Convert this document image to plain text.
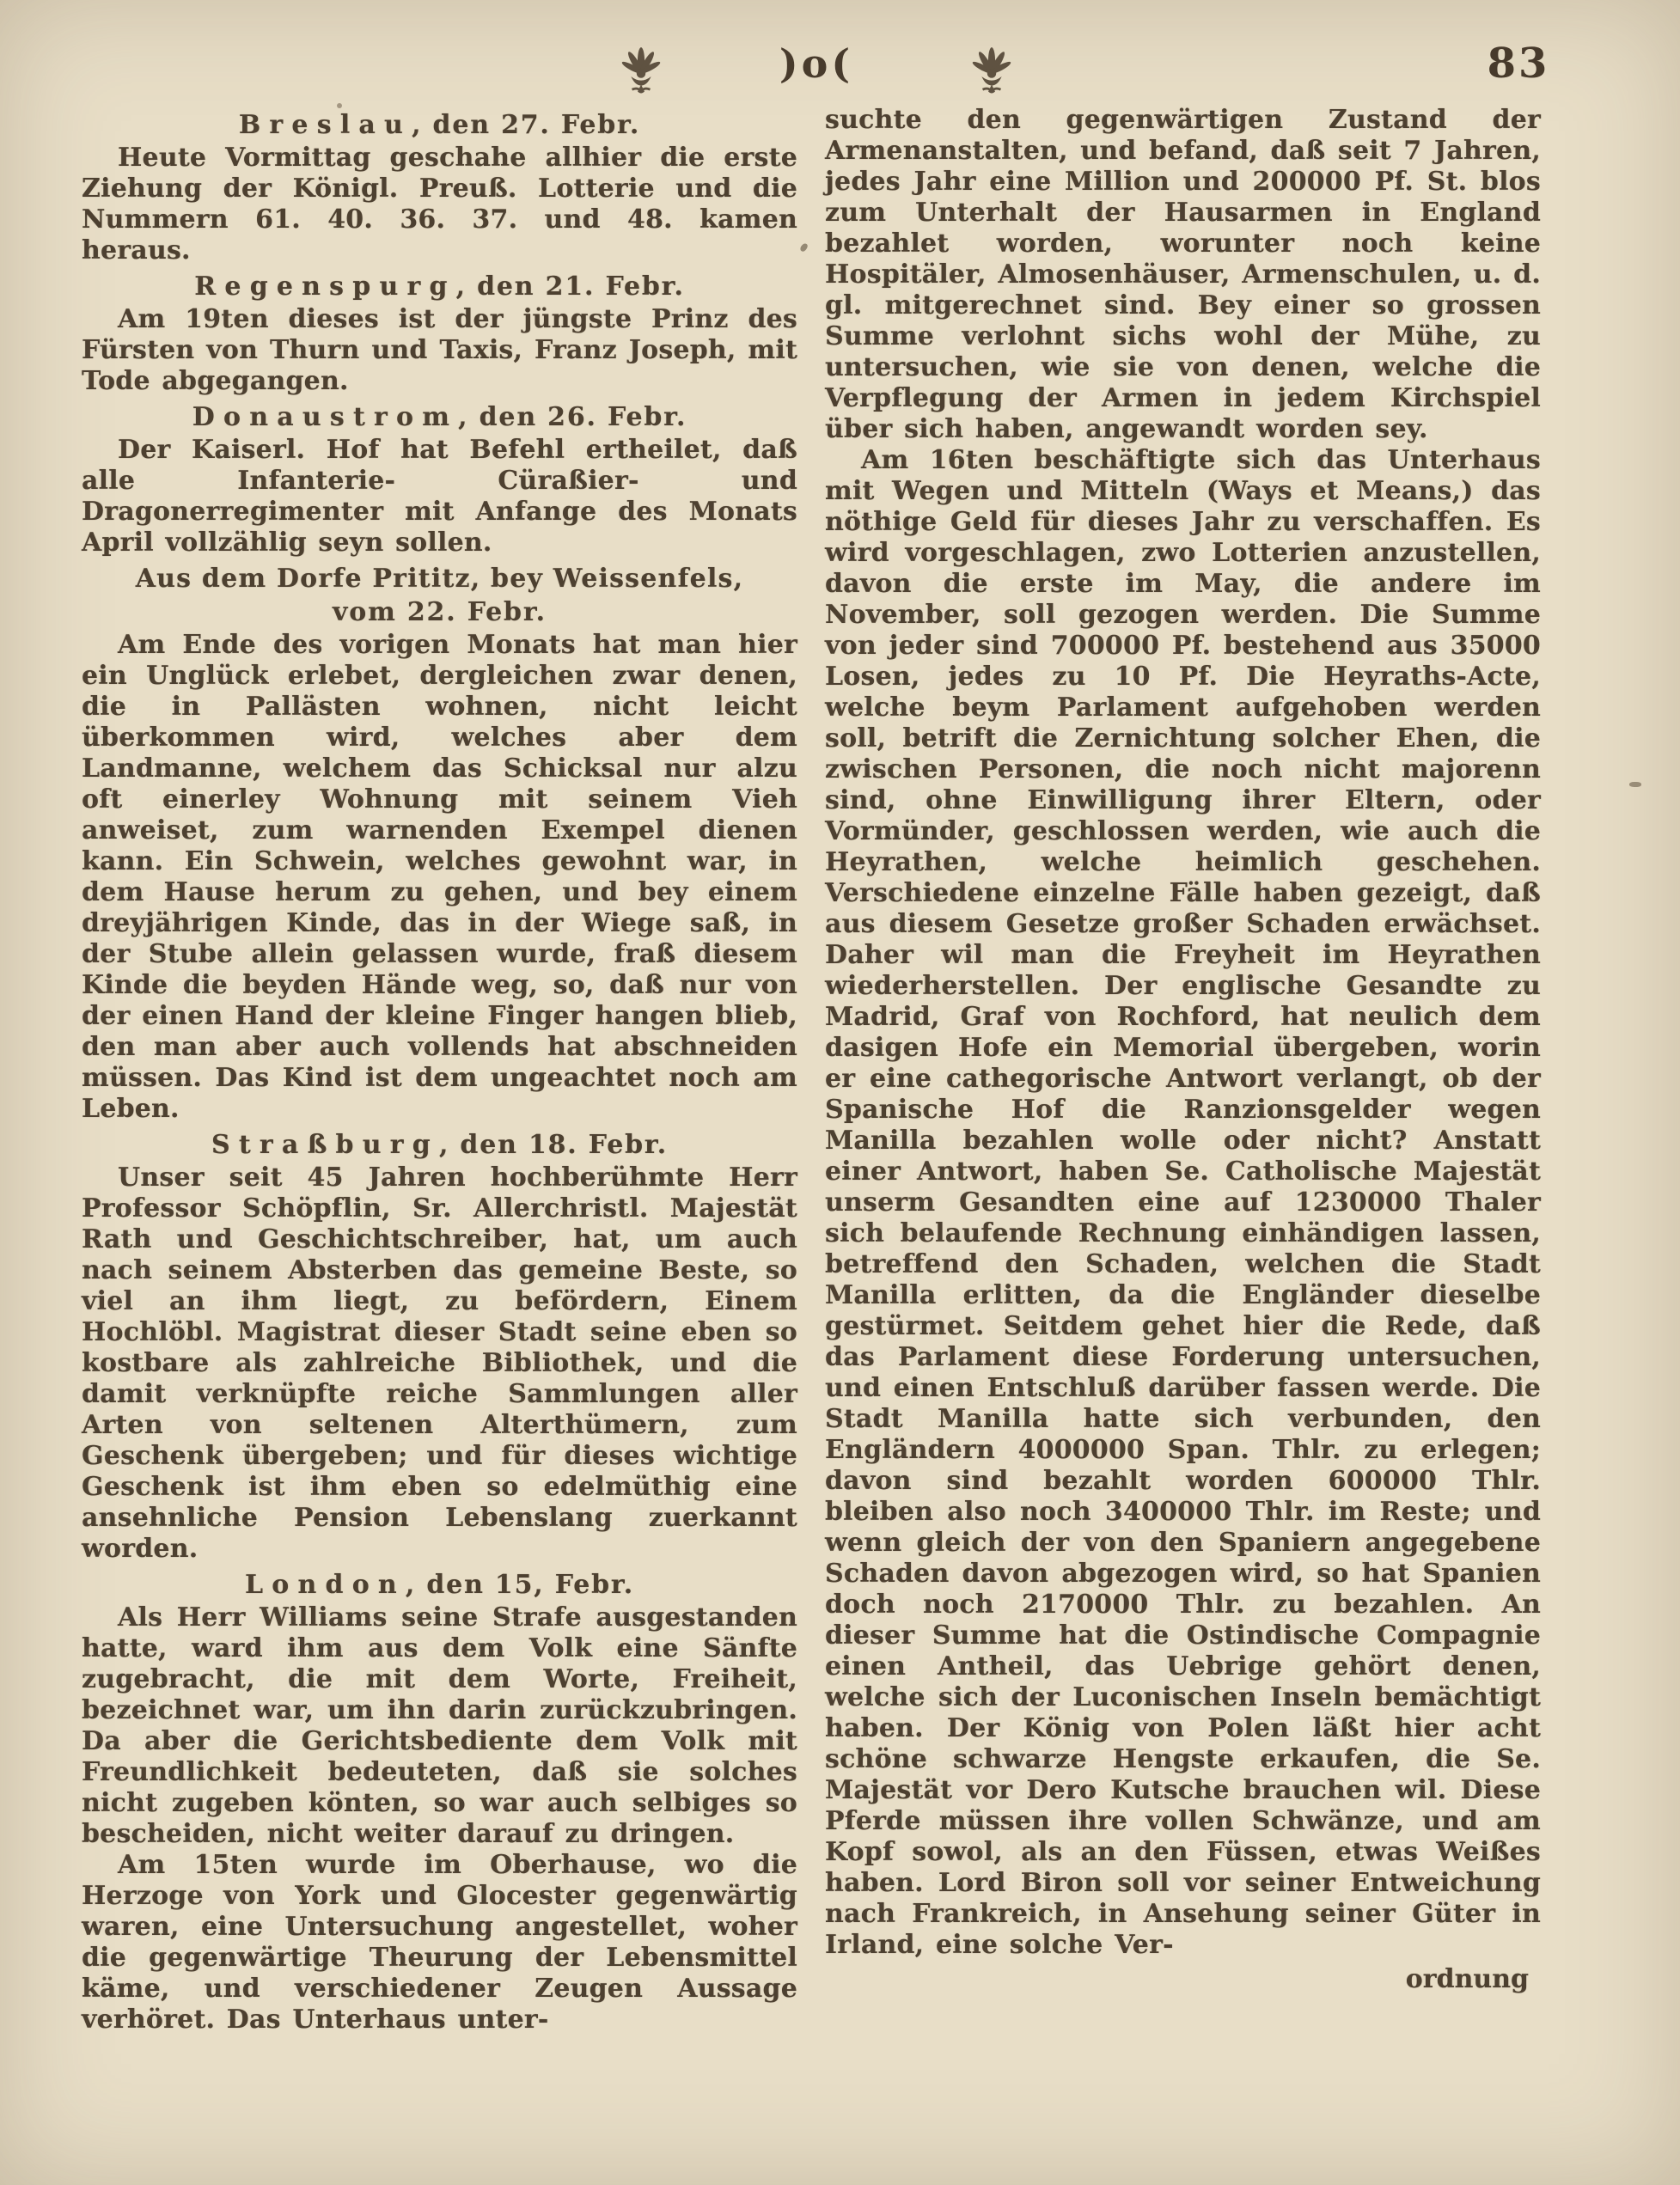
)o(	83
Breslau, den 27. Febr.

Heute Vormittag geschahe allhier die erste Ziehung der Königl. Preuß. Lotterie und die Nummern 61. 40. 36. 37. und 48. kamen heraus.

Regenspurg, den 21. Febr.

Am 19ten dieses ist der jüngste Prinz des Fürsten von Thurn und Taxis, Franz Joseph, mit Tode abgegangen.

Donaustrom, den 26. Febr.

Der Kaiserl. Hof hat Befehl ertheilet, daß alle Infanterie- Cüraßier- und Dragonerregimenter mit Anfange des Monats April vollzählig seyn sollen.

Aus dem Dorfe Prititz, bey Weissenfels,
vom 22. Febr.

Am Ende des vorigen Monats hat man hier ein Unglück erlebet, dergleichen zwar denen, die in Pallästen wohnen, nicht leicht überkommen wird, welches aber dem Landmanne, welchem das Schicksal nur alzu oft einerley Wohnung mit seinem Vieh anweiset, zum warnenden Exempel dienen kann. Ein Schwein, welches gewohnt war, in dem Hause herum zu gehen, und bey einem dreyjährigen Kinde, das in der Wiege saß, in der Stube allein gelassen wurde, fraß diesem Kinde die beyden Hände weg, so, daß nur von der einen Hand der kleine Finger hangen blieb, den man aber auch vollends hat abschneiden müssen. Das Kind ist dem ungeachtet noch am Leben.

Straßburg, den 18. Febr.

Unser seit 45 Jahren hochberühmte Herr Professor Schöpflin, Sr. Allerchristl. Majestät Rath und Geschichtschreiber, hat, um auch nach seinem Absterben das gemeine Beste, so viel an ihm liegt, zu befördern, Einem Hochlöbl. Magistrat dieser Stadt seine eben so kostbare als zahlreiche Bibliothek, und die damit verknüpfte reiche Sammlungen aller Arten von seltenen Alterthümern, zum Geschenk übergeben; und für dieses wichtige Geschenk ist ihm eben so edelmüthig eine ansehnliche Pension Lebenslang zuerkannt worden.

London, den 15, Febr.

Als Herr Williams seine Strafe ausgestanden hatte, ward ihm aus dem Volk eine Sänfte zugebracht, die mit dem Worte, Freiheit, bezeichnet war, um ihn darin zurückzubringen. Da aber die Gerichtsbediente dem Volk mit Freundlichkeit bedeuteten, daß sie solches nicht zugeben könten, so war auch selbiges so bescheiden, nicht weiter darauf zu dringen.

Am 15ten wurde im Oberhause, wo die Herzoge von York und Glocester gegenwärtig waren, eine Untersuchung angestellet, woher die gegenwärtige Theurung der Lebensmittel käme, und verschiedener Zeugen Aussage verhöret. Das Unterhaus unter-

suchte den gegenwärtigen Zustand der Armenanstalten, und befand, daß seit 7 Jahren, jedes Jahr eine Million und 200000 Pf. St. blos zum Unterhalt der Hausarmen in England bezahlet worden, worunter noch keine Hospitäler, Almosenhäuser, Armenschulen, u. d. gl. mitgerechnet sind. Bey einer so grossen Summe verlohnt sichs wohl der Mühe, zu untersuchen, wie sie von denen, welche die Verpflegung der Armen in jedem Kirchspiel über sich haben, angewandt worden sey.

Am 16ten beschäftigte sich das Unterhaus mit Wegen und Mitteln (Ways et Means,) das nöthige Geld für dieses Jahr zu verschaffen. Es wird vorgeschlagen, zwo Lotterien anzustellen, davon die erste im May, die andere im November, soll gezogen werden. Die Summe von jeder sind 700000 Pf. bestehend aus 35000 Losen, jedes zu 10 Pf. Die Heyraths-Acte, welche beym Parlament aufgehoben werden soll, betrift die Zernichtung solcher Ehen, die zwischen Personen, die noch nicht majorenn sind, ohne Einwilligung ihrer Eltern, oder Vormünder, geschlossen werden, wie auch die Heyrathen, welche heimlich geschehen. Verschiedene einzelne Fälle haben gezeigt, daß aus diesem Gesetze großer Schaden erwächset. Daher wil man die Freyheit im Heyrathen wiederherstellen. Der englische Gesandte zu Madrid, Graf von Rochford, hat neulich dem dasigen Hofe ein Memorial übergeben, worin er eine cathegorische Antwort verlangt, ob der Spanische Hof die Ranzionsgelder wegen Manilla bezahlen wolle oder nicht? Anstatt einer Antwort, haben Se. Catholische Majestät unserm Gesandten eine auf 1230000 Thaler sich belaufende Rechnung einhändigen lassen, betreffend den Schaden, welchen die Stadt Manilla erlitten, da die Engländer dieselbe gestürmet. Seitdem gehet hier die Rede, daß das Parlament diese Forderung untersuchen, und einen Entschluß darüber fassen werde. Die Stadt Manilla hatte sich verbunden, den Engländern 4000000 Span. Thlr. zu erlegen; davon sind bezahlt worden 600000 Thlr. bleiben also noch 3400000 Thlr. im Reste; und wenn gleich der von den Spaniern angegebene Schaden davon abgezogen wird, so hat Spanien doch noch 2170000 Thlr. zu bezahlen. An dieser Summe hat die Ostindische Compagnie einen Antheil, das Uebrige gehört denen, welche sich der Luconischen Inseln bemächtigt haben. Der König von Polen läßt hier acht schöne schwarze Hengste erkaufen, die Se. Majestät vor Dero Kutsche brauchen wil. Diese Pferde müssen ihre vollen Schwänze, und am Kopf sowol, als an den Füssen, etwas Weißes haben. Lord Biron soll vor seiner Entweichung nach Frankreich, in Ansehung seiner Güter in Irland, eine solche Ver-

ordnung
